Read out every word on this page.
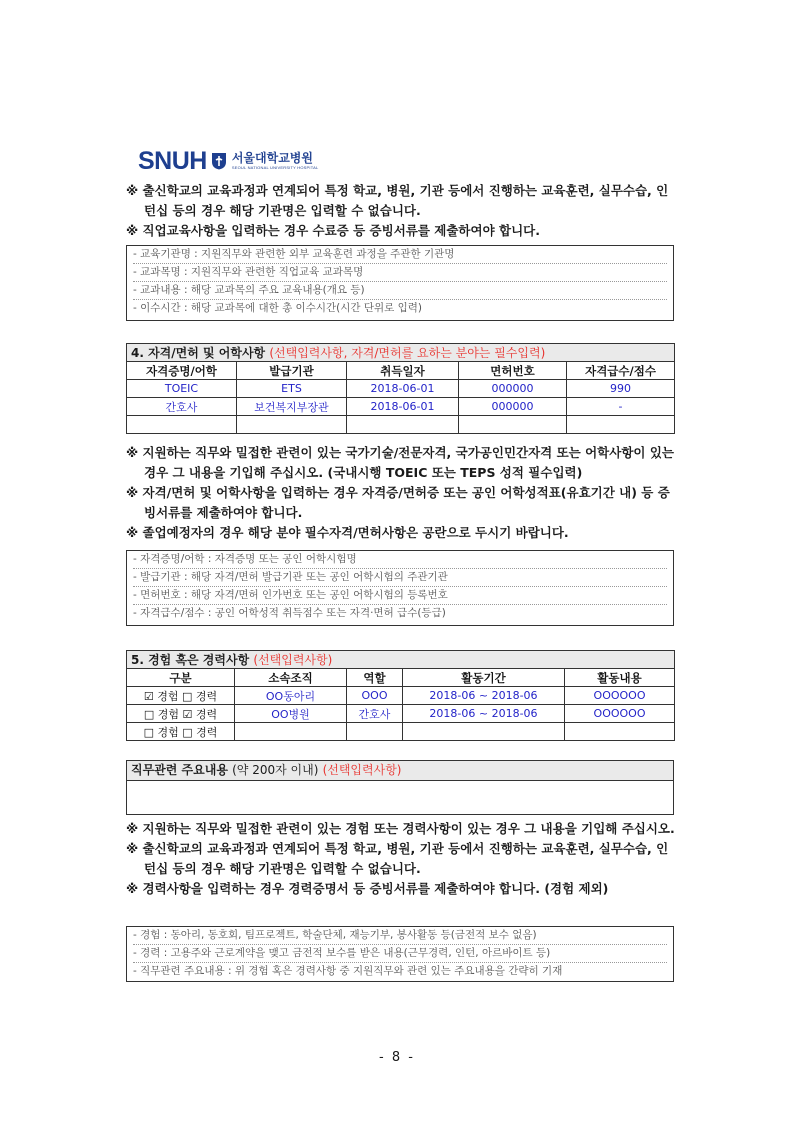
SNUH 서울대학교병원
SEOUL NATIONAL UNIVERSITY HOSPITAL
※ 출신학교의 교육과정과 연계되어 특정 학교, 병원, 기관 등에서 진행하는 교육훈련, 실무수습, 인턴십 등의 경우 해당 기관명은 입력할 수 없습니다.
※ 직업교육사항을 입력하는 경우 수료증 등 증빙서류를 제출하여야 합니다.
- 교육기관명 : 지원직무와 관련한 외부 교육훈련 과정을 주관한 기관명
- 교과목명 : 지원직무와 관련한 직업교육 교과목명
- 교과내용 : 해당 교과목의 주요 교육내용(개요 등)
- 이수시간 : 해당 교과목에 대한 총 이수시간(시간 단위로 입력)
4. 자격/면허 및 어학사항 (선택입력사항, 자격/면허를 요하는 분야는 필수입력)				
자격증명/어학	발급기관	취득일자	면허번호	자격급수/점수
TOEIC	ETS	2018-06-01	000000	990
간호사	보건복지부장관	2018-06-01	000000	-

※ 지원하는 직무와 밀접한 관련이 있는 국가기술/전문자격, 국가공인민간자격 또는 어학사항이 있는 경우 그 내용을 기입해 주십시오. (국내시행 TOEIC 또는 TEPS 성적 필수입력)
※ 자격/면허 및 어학사항을 입력하는 경우 자격증/면허증 또는 공인 어학성적표(유효기간 내) 등 증빙서류를 제출하여야 합니다.
※ 졸업예정자의 경우 해당 분야 필수자격/면허사항은 공란으로 두시기 바랍니다.
- 자격증명/어학 : 자격증명 또는 공인 어학시험명
- 발급기관 : 해당 자격/면허 발급기관 또는 공인 어학시험의 주관기관
- 면허번호 : 해당 자격/면허 인가번호 또는 공인 어학시험의 등록번호
- 자격급수/점수 : 공인 어학성적 취득점수 또는 자격·면허 급수(등급)
5. 경험 혹은 경력사항 (선택입력사항)				
구분	소속조직	역할	활동기간	활동내용
☑ 경험 □ 경력	OO동아리	OOO	2018-06 ~ 2018-06	OOOOOO
□ 경험 ☑ 경력	OO병원	간호사	2018-06 ~ 2018-06	OOOOOO
□ 경험 □ 경력				
직무관련 주요내용 (약 200자 이내) (선택입력사항)
※ 지원하는 직무와 밀접한 관련이 있는 경험 또는 경력사항이 있는 경우 그 내용을 기입해 주십시오.
※ 출신학교의 교육과정과 연계되어 특정 학교, 병원, 기관 등에서 진행하는 교육훈련, 실무수습, 인턴십 등의 경우 해당 기관명은 입력할 수 없습니다.
※ 경력사항을 입력하는 경우 경력증명서 등 증빙서류를 제출하여야 합니다. (경험 제외)
- 경험 : 동아리, 동호회, 팀프로젝트, 학술단체, 재능기부, 봉사활동 등(금전적 보수 없음)
- 경력 : 고용주와 근로계약을 맺고 금전적 보수를 받은 내용(근무경력, 인턴, 아르바이트 등)
- 직무관련 주요내용 : 위 경험 혹은 경력사항 중 지원직무와 관련 있는 주요내용을 간략히 기재
- 8 -
